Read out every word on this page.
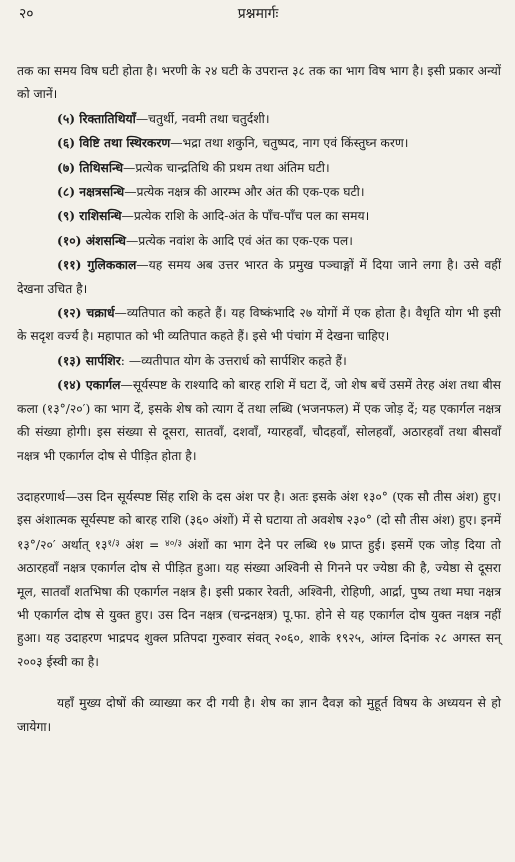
२०	प्रश्नमार्गः

तक का समय विष घटी होता है। भरणी के २४ घटी के उपरान्त ३८ तक का भाग विष भाग है। इसी प्रकार अन्यों को जानें।

(५) रिक्तातिथियाँ—चतुर्थी, नवमी तथा चतुर्दशी।

(६) विष्टि तथा स्थिरकरण—भद्रा तथा शकुनि, चतुष्पद, नाग एवं किंस्तुघ्न करण।

(७) तिथिसन्धि—प्रत्येक चान्द्रतिथि की प्रथम तथा अंतिम घटी।

(८) नक्षत्रसन्धि—प्रत्येक नक्षत्र की आरम्भ और अंत की एक-एक घटी।

(९) राशिसन्धि—प्रत्येक राशि के आदि-अंत के पाँच-पाँच पल का समय।

(१०) अंशसन्धि—प्रत्येक नवांश के आदि एवं अंत का एक-एक पल।

(११) गुलिककाल—यह समय अब उत्तर भारत के प्रमुख पञ्चाङ्गों में दिया जाने लगा है। उसे वहीं देखना उचित है।

(१२) चक्रार्ध—व्यतिपात को कहते हैं। यह विष्कंभादि २७ योगों में एक होता है। वैधृति योग भी इसी के सदृश वर्ज्य है। महापात को भी व्यतिपात कहते हैं। इसे भी पंचांग में देखना चाहिए।

(१३) सार्पशिर: —व्यतीपात योग के उत्तरार्ध को सार्पशिर कहते हैं।

(१४) एकार्गल—सूर्यस्पष्ट के राश्यादि को बारह राशि में घटा दें, जो शेष बचें उसमें तेरह अंश तथा बीस कला (१३°/२०′) का भाग दें, इसके शेष को त्याग दें तथा लब्धि (भजनफल) में एक जोड़ दें; यह एकार्गल नक्षत्र की संख्या होगी। इस संख्या से दूसरा, सातवाँ, दशवाँ, ग्यारहवाँ, चौदहवाँ, सोलहवाँ, अठारहवाँ तथा बीसवाँ नक्षत्र भी एकार्गल दोष से पीड़ित होता है।

उदाहरणार्थ—उस दिन सूर्यस्पष्ट सिंह राशि के दस अंश पर है। अतः इसके अंश १३०° (एक सौ तीस अंश) हुए। इस अंशात्मक सूर्यस्पष्ट को बारह राशि (३६० अंशों) में से घटाया तो अवशेष २३०° (दो सौ तीस अंश) हुए। इनमें १३°/२०′ अर्थात् $१३^{१/३}$ अंश = $^{४०/३}$ अंशों का भाग देने पर लब्धि १७ प्राप्त हुई। इसमें एक जोड़ दिया तो अठारहवाँ नक्षत्र एकार्गल दोष से पीड़ित हुआ। यह संख्या अश्विनी से गिनने पर ज्येष्ठा की है, ज्येष्ठा से दूसरा मूल, सातवाँ शतभिषा की एकार्गल नक्षत्र है। इसी प्रकार रेवती, अश्विनी, रोहिणी, आर्द्रा, पुष्य तथा मघा नक्षत्र भी एकार्गल दोष से युक्त हुए। उस दिन नक्षत्र (चन्द्रनक्षत्र) पू.फा. होने से यह एकार्गल दोष युक्त नक्षत्र नहीं हुआ। यह उदाहरण भाद्रपद शुक्ल प्रतिपदा गुरुवार संवत् २०६०, शाके १९२५, आंग्ल दिनांक २८ अगस्त सन् २००३ ईस्वी का है।

यहाँ मुख्य दोषों की व्याख्या कर दी गयी है। शेष का ज्ञान दैवज्ञ को मुहूर्त विषय के अध्ययन से हो जायेगा।
